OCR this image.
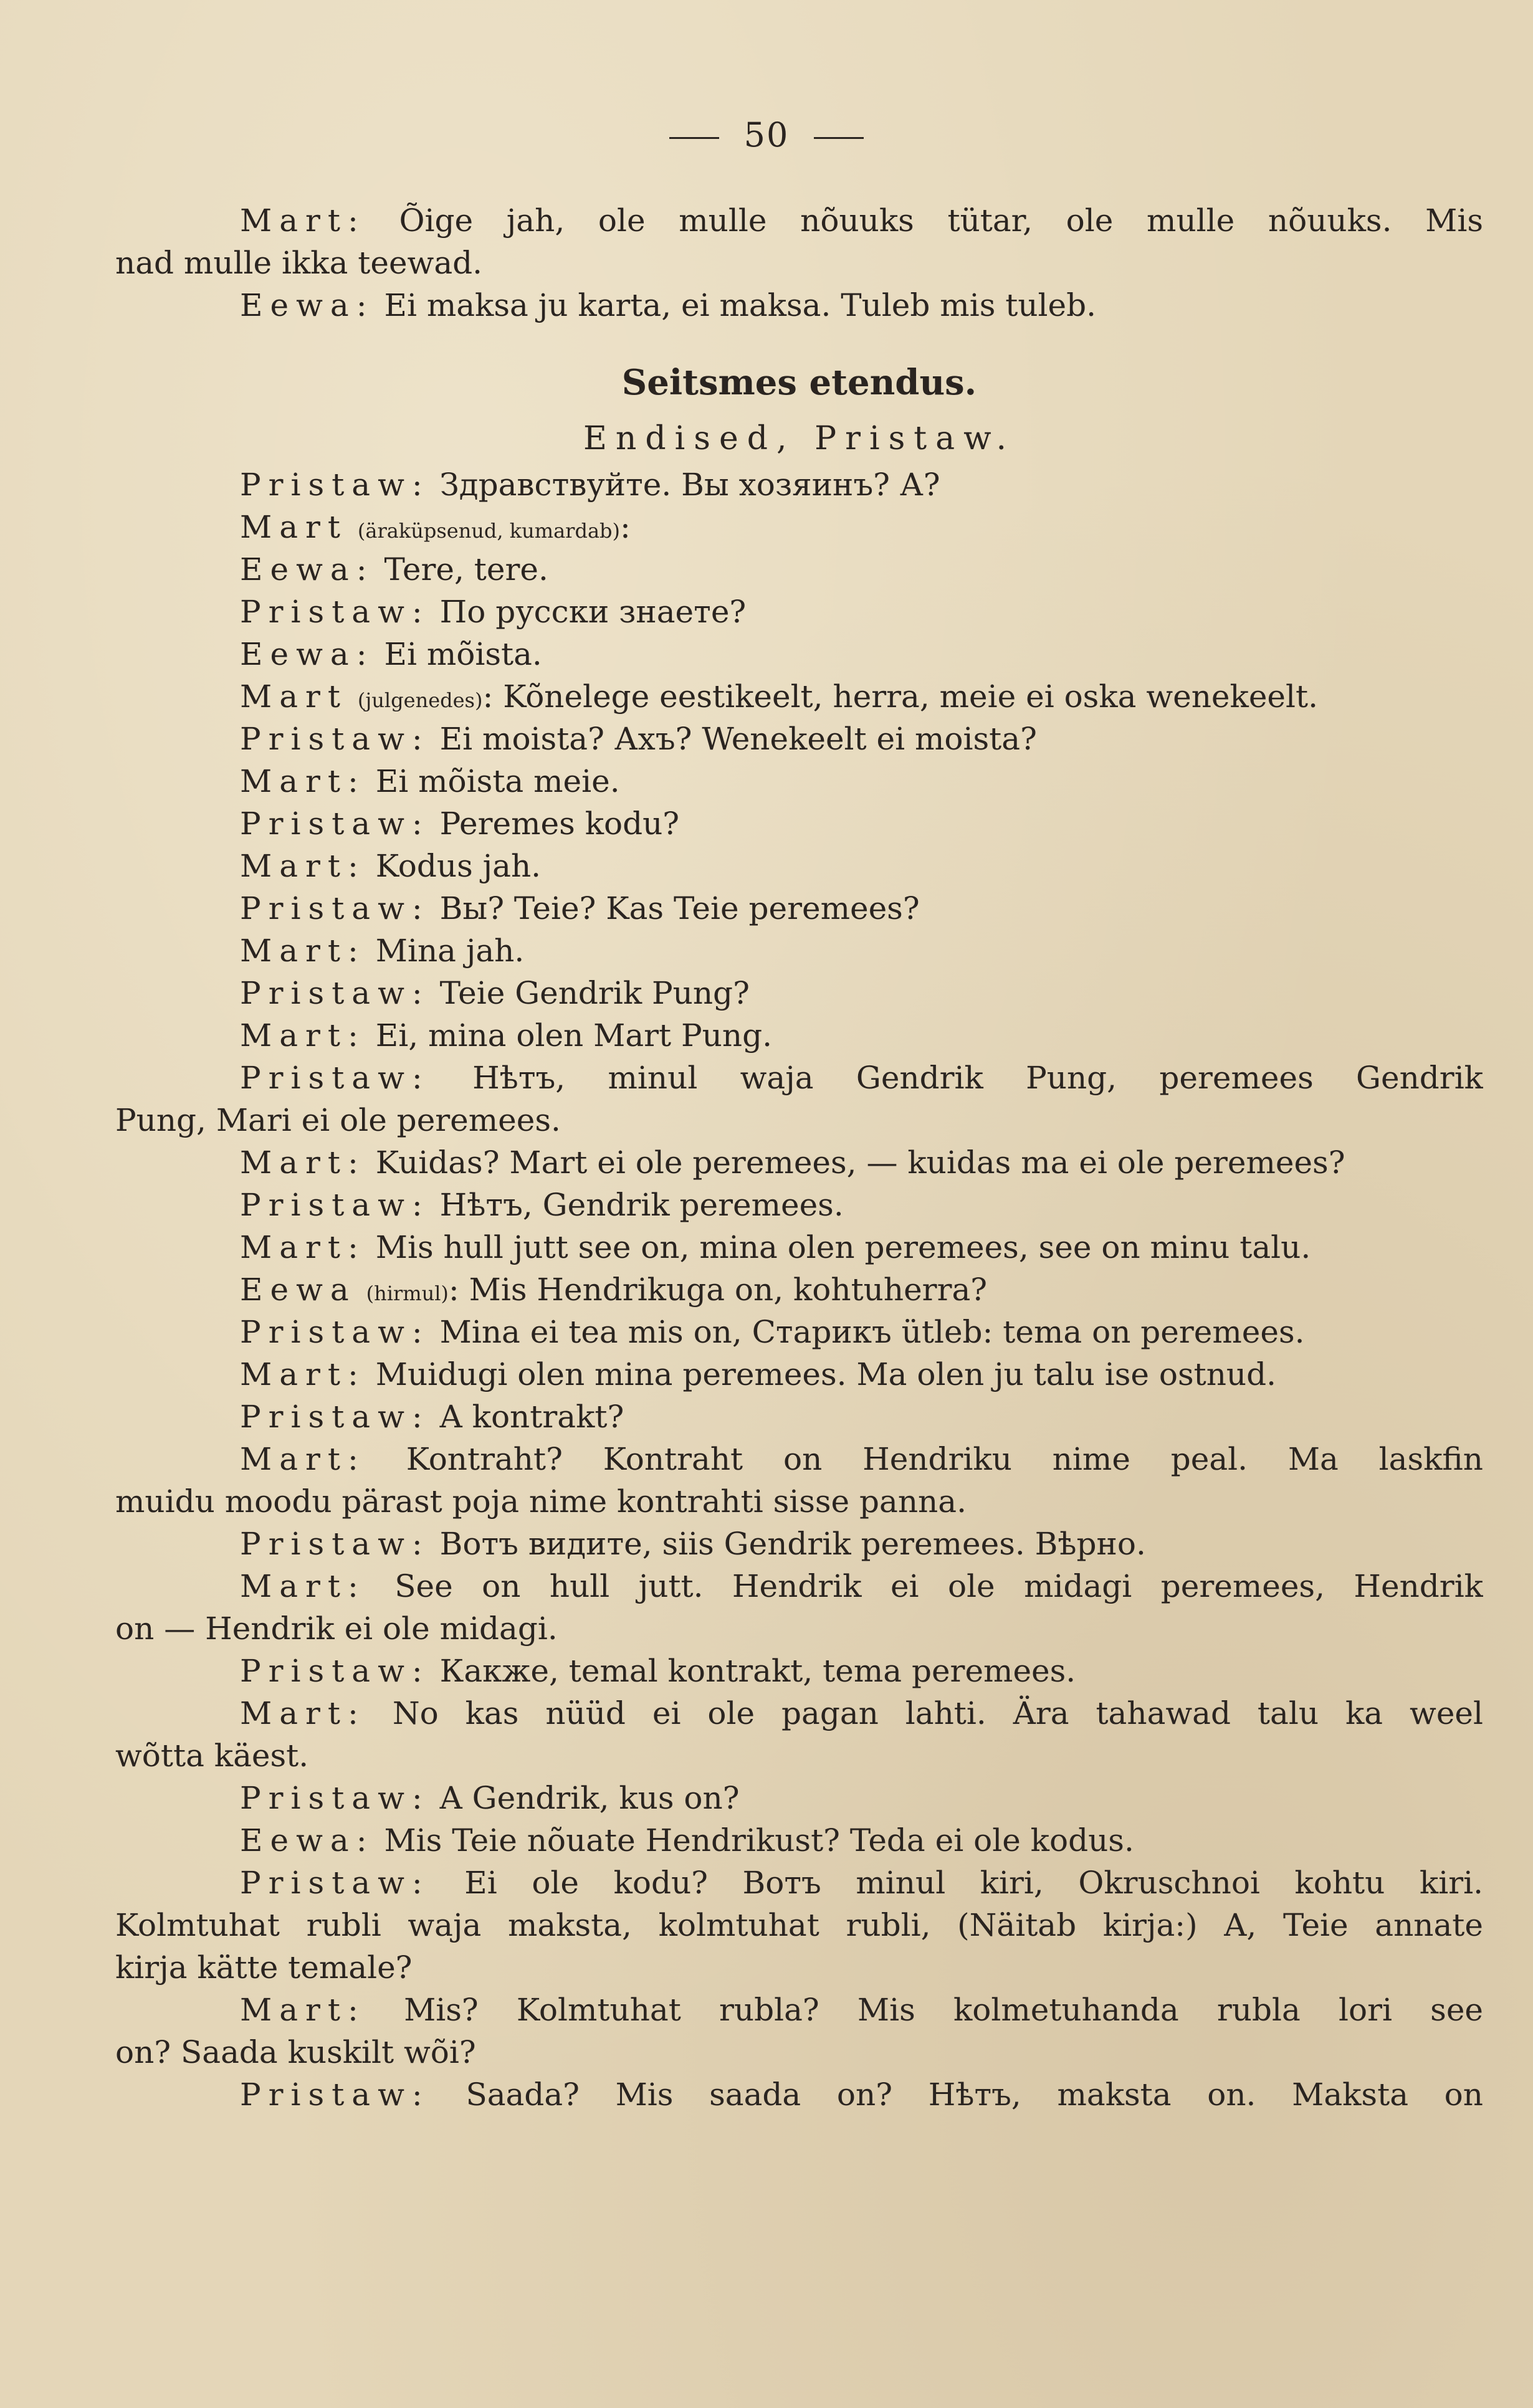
50
Mart: Õige jah, ole mulle nõuuks tütar, ole mulle nõuuks. Mis
nad mulle ikka teewad.
Eewa: Ei maksa ju karta, ei maksa. Tuleb mis tuleb.
Seitsmes etendus.
Endised, Pristaw.
Pristaw: Здравствуйте. Вы хозяинъ? А?
Mart (äraküpsenud, kumardab):
Eewa: Tere, tere.
Pristaw: По русски знаете?
Eewa: Ei mõista.
Mart (julgenedes): Kõnelege eestikeelt, herra, meie ei oska wenekeelt.
Pristaw: Ei moista? Ахъ? Wenekeelt ei moista?
Mart: Ei mõista meie.
Pristaw: Peremes kodu?
Mart: Kodus jah.
Pristaw: Вы? Teie? Kas Teie peremees?
Mart: Mina jah.
Pristaw: Teie Gendrik Pung?
Mart: Ei, mina olen Mart Pung.
Pristaw: Нѣтъ, minul waja Gendrik Pung, peremees Gendrik
Pung, Mari ei ole peremees.
Mart: Kuidas? Mart ei ole peremees, — kuidas ma ei ole peremees?
Pristaw: Нѣтъ, Gendrik peremees.
Mart: Mis hull jutt see on, mina olen peremees, see on minu talu.
Eewa (hirmul): Mis Hendrikuga on, kohtuherra?
Pristaw: Mina ei tea mis on, Старикъ ütleb: tema on peremees.
Mart: Muidugi olen mina peremees. Ma olen ju talu ise ostnud.
Pristaw: A kontrakt?
Mart: Kontraht? Kontraht on Hendriku nime peal. Ma laskfin
muidu moodu pärast poja nime kontrahti sisse panna.
Pristaw: Вотъ видите, siis Gendrik peremees. Вѣрно.
Mart: See on hull jutt. Hendrik ei ole midagi peremees, Hendrik
on — Hendrik ei ole midagi.
Pristaw: Какже, temal kontrakt, tema peremees.
Mart: No kas nüüd ei ole pagan lahti. Ära tahawad talu ka weel
wõtta käest.
Pristaw: A Gendrik, kus on?
Eewa: Mis Teie nõuate Hendrikust? Teda ei ole kodus.
Pristaw: Ei ole kodu? Вотъ minul kiri, Okruschnoi kohtu kiri.
Kolmtuhat rubli waja maksta, kolmtuhat rubli, (Näitab kirja:) A, Teie annate
kirja kätte temale?
Mart: Mis? Kolmtuhat rubla? Mis kolmetuhanda rubla lori see
on? Saada kuskilt wõi?
Pristaw: Saada? Mis saada on? Нѣтъ, maksta on. Maksta on
